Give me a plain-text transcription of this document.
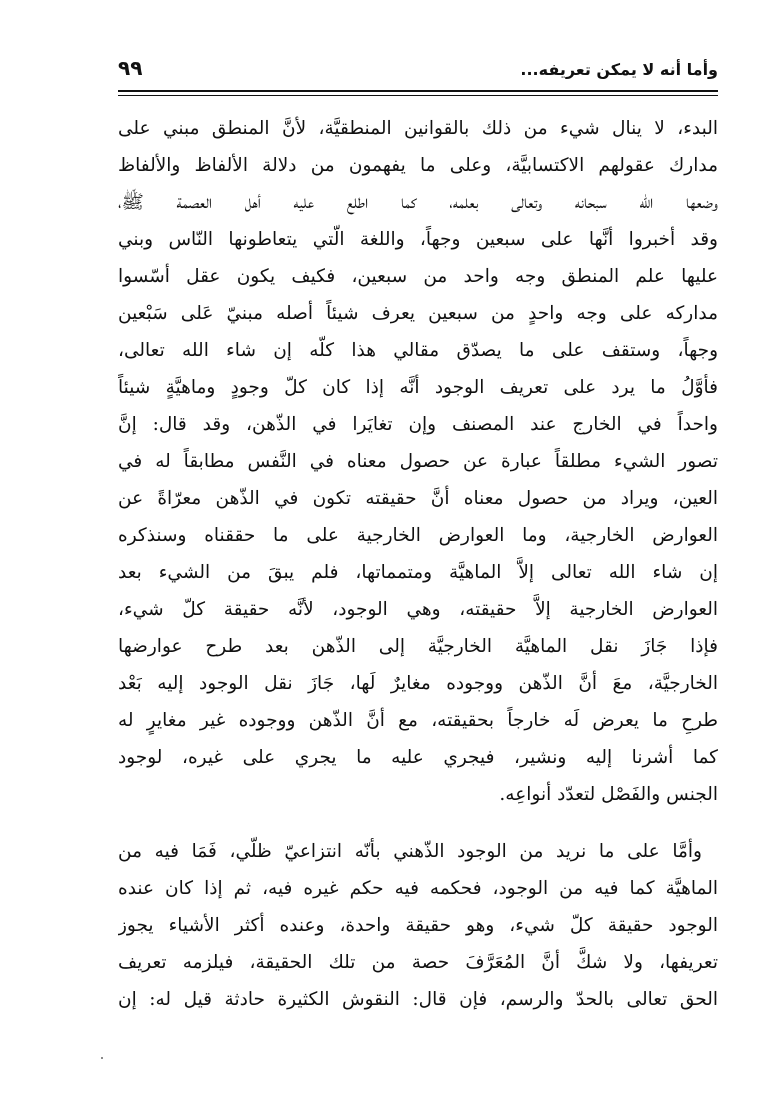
وأما أنه لا يمكن تعريفه...
٩٩
البدء، لا ينال شيء من ذلك بالقوانين المنطقيَّة، لأنَّ المنطق مبني على
مدارك عقولهم الاكتسابيَّة، وعلى ما يفهمون من دلالة الألفاظ والألفاظ
وضعها الله سبحانه وتعالى بعلمه، كما اطلع عليه أهل العصمة ﷺ،
وقد أخبروا أنَّها على سبعين وجهاً، واللغة الّتي يتعاطونها النّاس وبني
عليها علم المنطق وجه واحد من سبعين، فكيف يكون عقل أسّسوا
مداركه على وجه واحدٍ من سبعين يعرف شيئاً أصله مبنيّ عَلى سَبْعين
وجهاً، وستقف على ما يصدّق مقالي هذا كلّه إن شاء الله تعالى،
فأوَّلُ ما يرد على تعريف الوجود أنَّه إذا كان كلّ وجودٍ وماهيَّةٍ شيئاً
واحداً في الخارج عند المصنف وإن تغايَرا في الذّهن، وقد قال: إنَّ
تصور الشيء مطلقاً عبارة عن حصول معناه في النَّفس مطابقاً له في
العين، ويراد من حصول معناه أنَّ حقيقته تكون في الذّهن معرّاةً عن
العوارض الخارجية، وما العوارض الخارجية على ما حققناه وسنذكره
إن شاء الله تعالى إلاَّ الماهيَّة ومتمماتها، فلم يبقَ من الشيء بعد
العوارض الخارجية إلاَّ حقيقته، وهي الوجود، لأنَّه حقيقة كلّ شيء،
فإذا جَازَ نقل الماهيَّة الخارجيَّة إلى الذّهن بعد طرح عوارضها
الخارجيَّة، معَ أنَّ الذّهن ووجوده مغايرٌ لَها، جَازَ نقل الوجود إليه بَعْد
طرحِ ما يعرض لَه خارجاً بحقيقته، مع أنَّ الذّهن ووجوده غير مغايرٍ له
كما أشرنا إليه ونشير، فيجري عليه ما يجري على غيره، لوجود
الجنس والفَصْل لتعدّد أنواعِه.
وأمَّا على ما نريد من الوجود الذّهني بأنّه انتزاعيّ ظلّي، فَمَا فيه من
الماهيَّة كما فيه من الوجود، فحكمه فيه حكم غيره فيه، ثم إذا كان عنده
الوجود حقيقة كلّ شيء، وهو حقيقة واحدة، وعنده أكثر الأشياء يجوز
تعريفها، ولا شكَّ أنَّ المُعَرَّفَ حصة من تلك الحقيقة، فيلزمه تعريف
الحق تعالى بالحدّ والرسم، فإن قال: النقوش الكثيرة حادثة قيل له: إن
